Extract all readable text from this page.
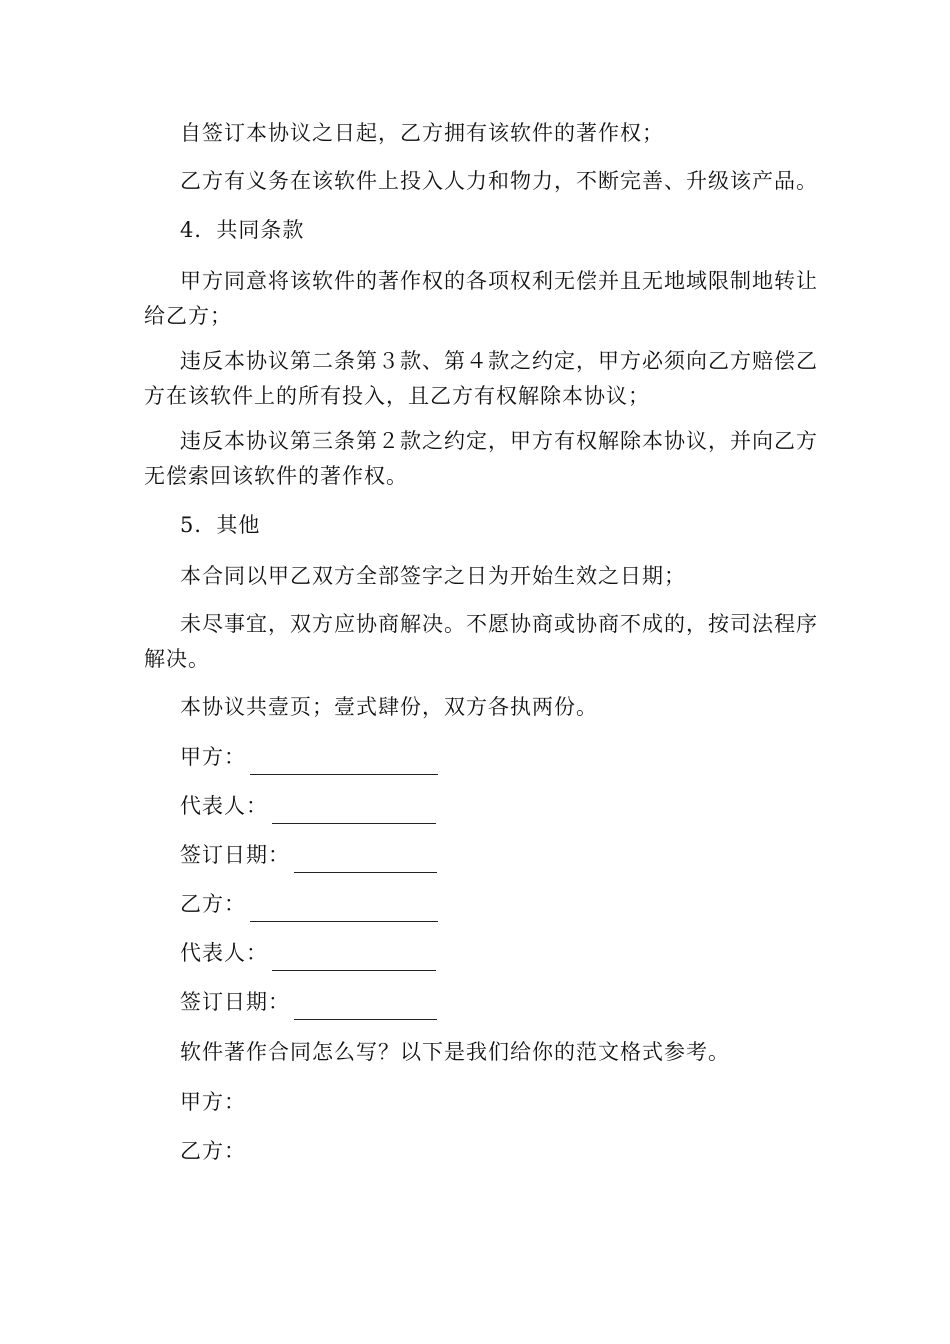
自签订本协议之日起，乙方拥有该软件的著作权；

乙方有义务在该软件上投入人力和物力，不断完善、升级该产品。

4．共同条款

甲方同意将该软件的著作权的各项权利无偿并且无地域限制地转让给乙方；

违反本协议第二条第３款、第４款之约定，甲方必须向乙方赔偿乙方在该软件上的所有投入，且乙方有权解除本协议；

违反本协议第三条第２款之约定，甲方有权解除本协议，并向乙方无偿索回该软件的著作权。

5．其他

本合同以甲乙双方全部签字之日为开始生效之日期；

未尽事宜，双方应协商解决。不愿协商或协商不成的，按司法程序解决。

本协议共壹页；壹式肆份，双方各执两份。

甲方：
代表人：
签订日期：
乙方：
代表人：
签订日期：

软件著作合同怎么写？以下是我们给你的范文格式参考。

甲方：

乙方：
